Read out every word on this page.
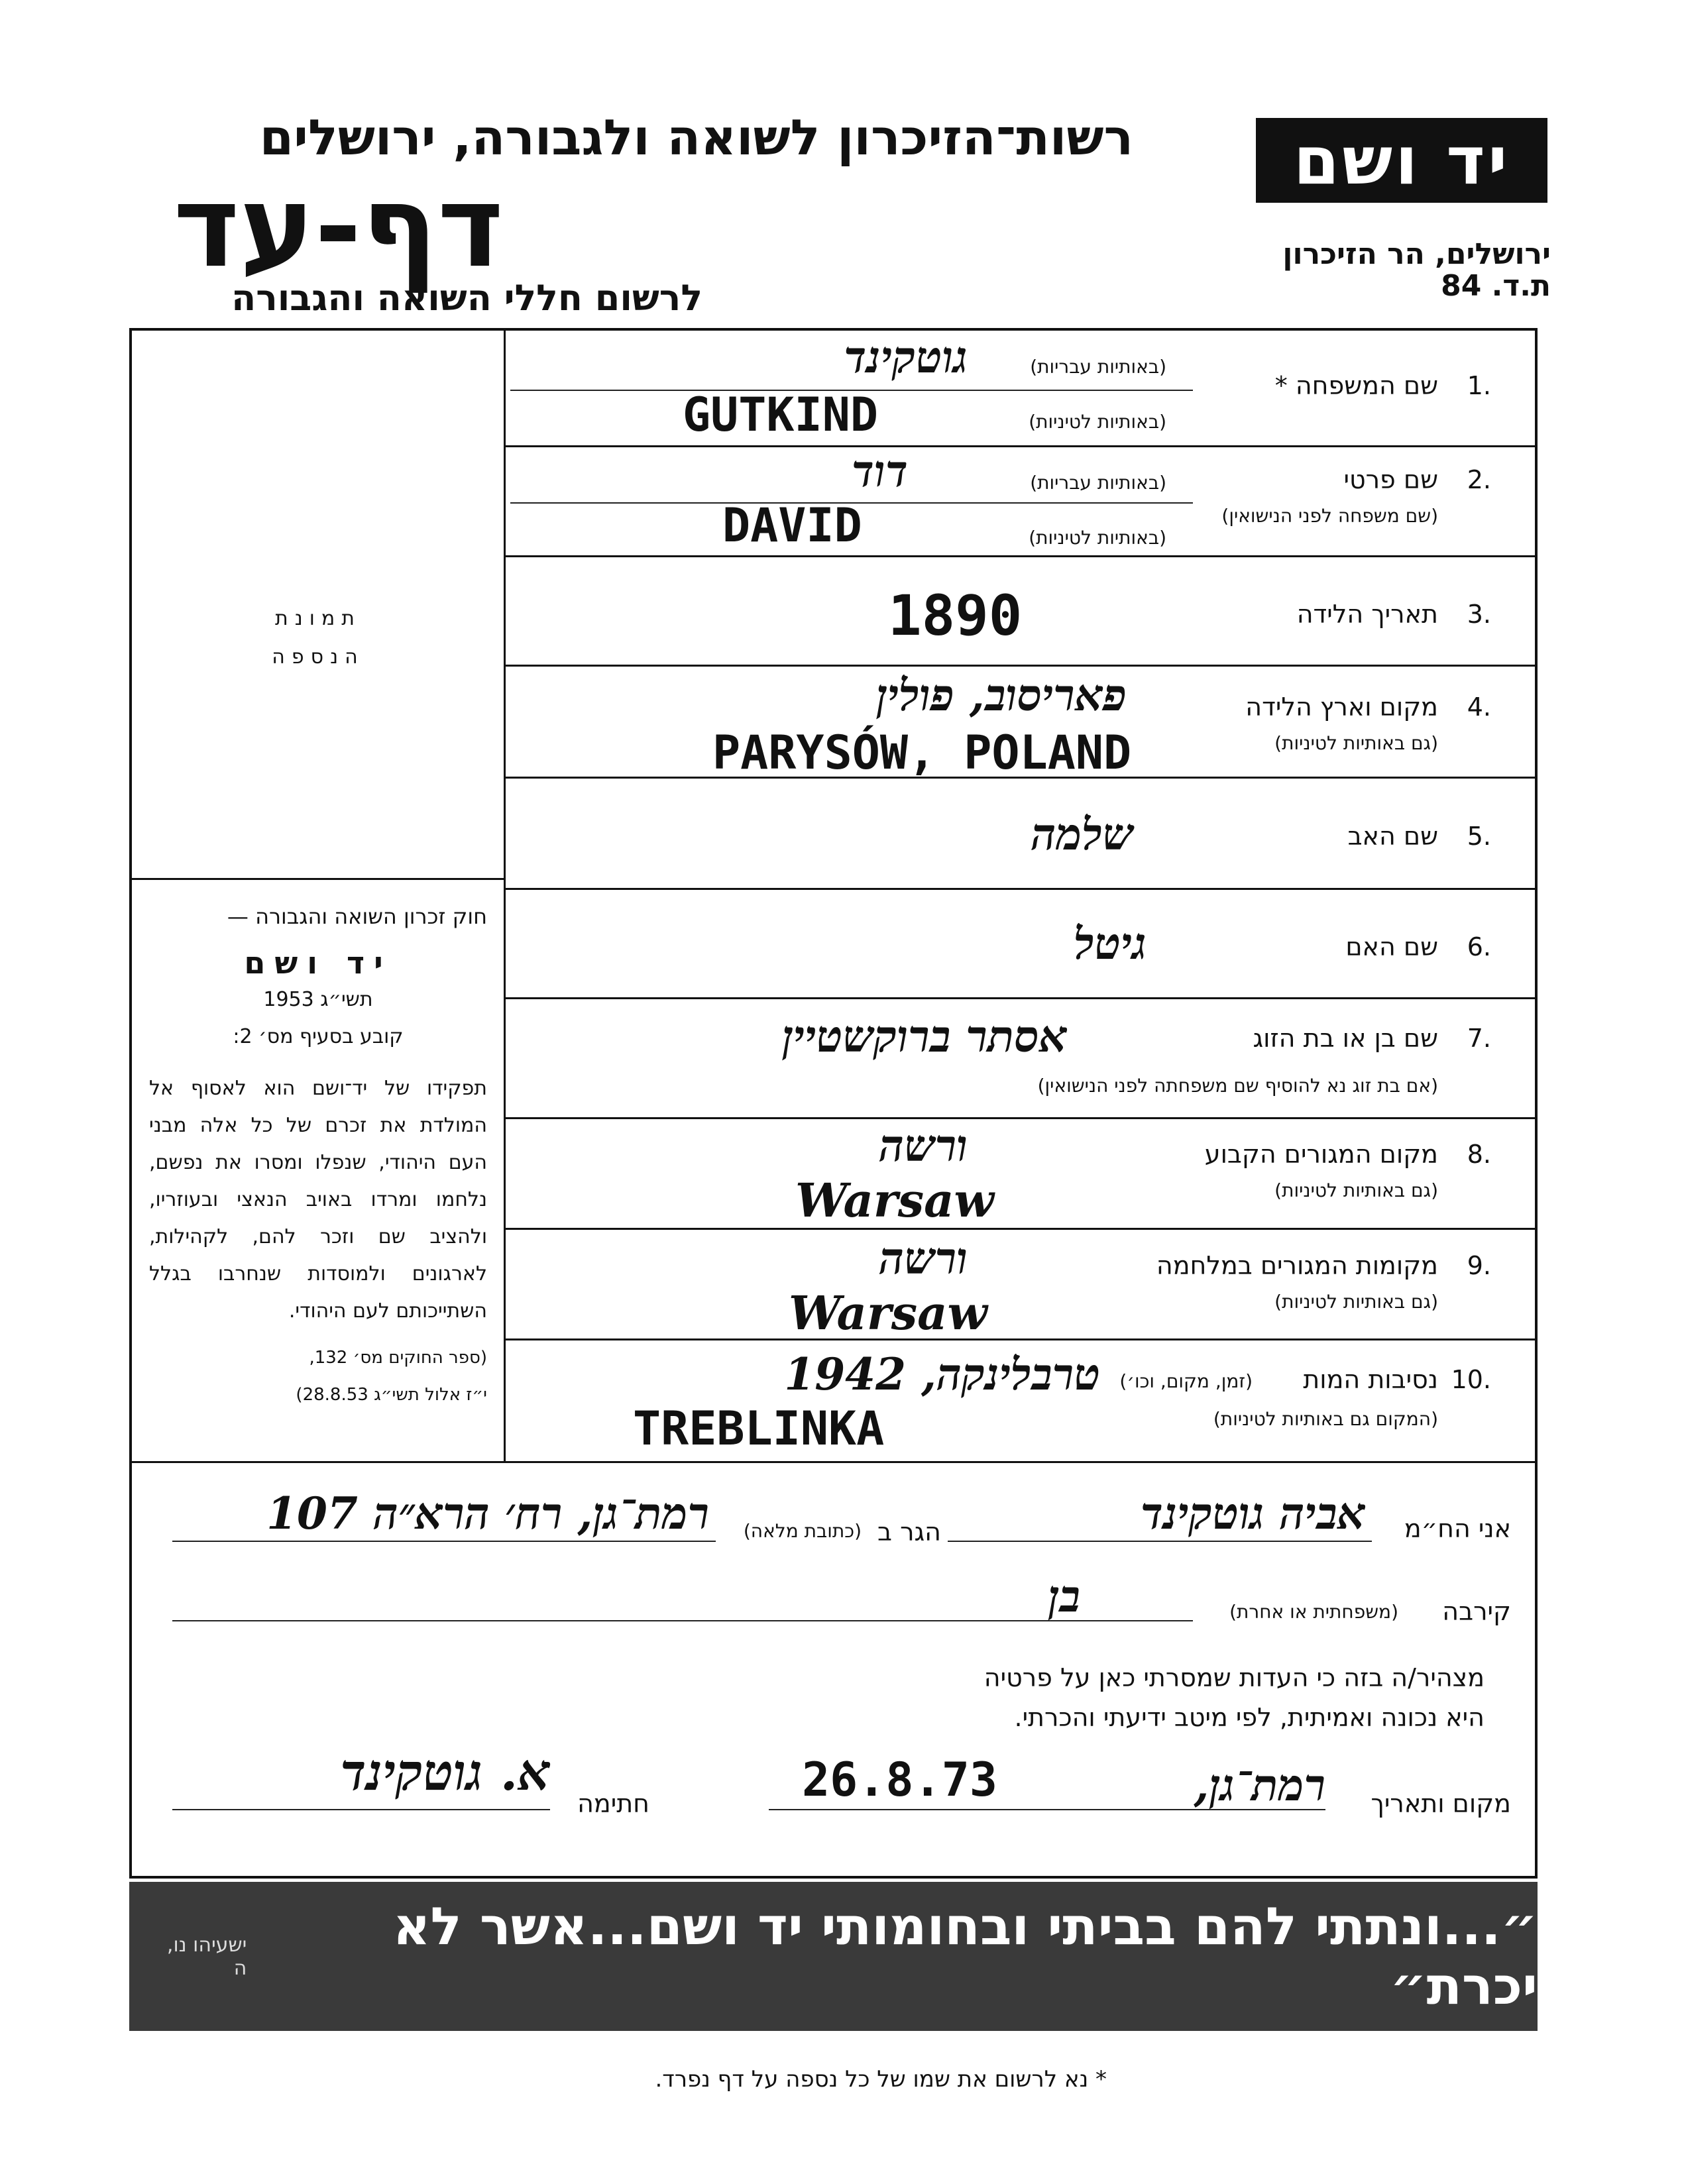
יד ושם
ירושלים, הר הזיכרון
ת.ד. 84
רשות־הזיכרון לשואה ולגבורה, ירושלים
דף-עד
לרשום חללי השואה והגבורה
תמונת
הנספה
חוק זכרון השואה והגבורה —
יד ושם
תשי״ג 1953
קובע בסעיף מס׳ 2:
תפקידו של יד־ושם הוא לאסוף אל המולדת את זכרם של כל אלה מבני העם היהודי, שנפלו ומסרו את נפשם, נלחמו ומרדו באויב הנאצי ובעוזריו, ולהציב שם וזכר להם, לקהילות, לארגונים ולמוסדות שנחרבו בגלל השתייכותם לעם היהודי.
(ספר החוקים מס׳ 132,
י״ז אלול תשי״ג 28.8.53)
1.
שם המשפחה *
(באותיות עבריות)
(באותיות לטיניות)
גוטקינד
GUTKIND
2.
שם פרטי
(שם משפחה לפני הנישואין)
(באותיות עבריות)
(באותיות לטיניות)
דוד
DAVID
3.
תאריך הלידה
1890
4.
מקום וארץ הלידה
(גם באותיות לטיניות)
פאריסוב, פולין
PARYSÓW, POLAND
5.
שם האב
שלמה
6.
שם האם
גיטל
7.
שם בן או בת הזוג
(אם בת זוג נא להוסיף שם משפחתה לפני הנישואין)
אסתר ברוקשטיין
8.
מקום המגורים הקבוע
(גם באותיות לטיניות)
ורשה
Warsaw
9.
מקומות המגורים במלחמה
(גם באותיות לטיניות)
ורשה
Warsaw
10.
נסיבות המות
(זמן, מקום, וכו׳)
(המקום גם באותיות לטיניות)
טרבלינקה, 1942
TREBLINKA
אני הח״מ
אביה גוטקינד
הגר ב
(כתובת מלאה)
רמת־גן, רח׳ הרא״ה 107
קירבה
(משפחתית או אחרת)
בן
מצהיר/ה בזה כי העדות שמסרתי כאן על פרטיה
היא נכונה ואמיתית, לפי מיטב ידיעתי והכרתי.
מקום ותאריך
רמת־גן,
26.8.73
חתימה
א. גוטקינד
״...ונתתי להם בביתי ובחומותי יד ושם...אשר לא יכרת״
ישעיהו נו, ה
* נא לרשום את שמו של כל נספה על דף נפרד.
